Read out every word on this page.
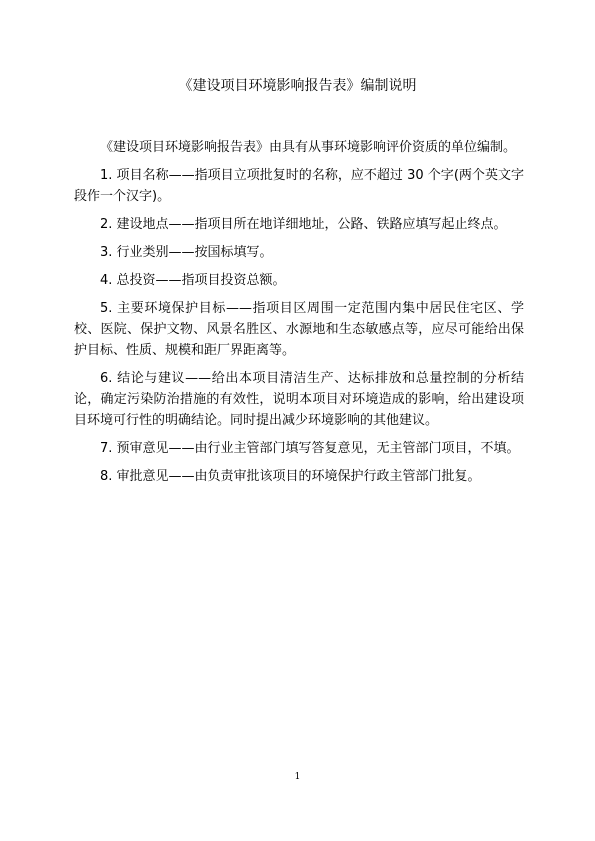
《建设项目环境影响报告表》编制说明

《建设项目环境影响报告表》由具有从事环境影响评价资质的单位编制。

1. 项目名称——指项目立项批复时的名称，应不超过 30 个字(两个英文字段作一个汉字)。

2. 建设地点——指项目所在地详细地址，公路、铁路应填写起止终点。

3. 行业类别——按国标填写。

4. 总投资——指项目投资总额。

5. 主要环境保护目标——指项目区周围一定范围内集中居民住宅区、学校、医院、保护文物、风景名胜区、水源地和生态敏感点等，应尽可能给出保护目标、性质、规模和距厂界距离等。

6. 结论与建议——给出本项目清洁生产、达标排放和总量控制的分析结论，确定污染防治措施的有效性，说明本项目对环境造成的影响，给出建设项目环境可行性的明确结论。同时提出减少环境影响的其他建议。

7. 预审意见——由行业主管部门填写答复意见，无主管部门项目，不填。

8. 审批意见——由负责审批该项目的环境保护行政主管部门批复。

1
